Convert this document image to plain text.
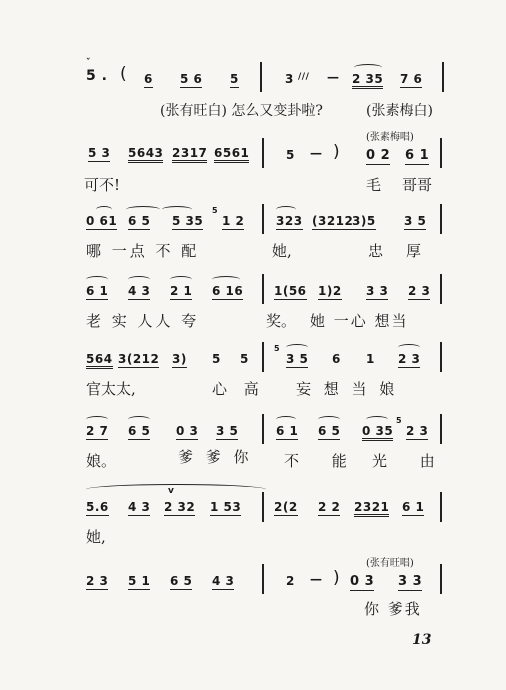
ˇ
5 . ( 6 5 6 5	3 /// — 2 35 7 6
(张有旺白) 怎么又变卦啦?	(张素梅白)
(张素梅唱)
5 3 5643 2317 6561	5 — ) 0 2 6 1
可不!	毛 哥哥
0 61 6 5 5 35
5
1 2	323 (3212
3)5 3 5
哪 一点 不 配	她,	忠 厚
6 1 4 3 2 1 6 16	1(56 1)2 3 3 2 3
老 实 人人 夸	奖。 她 一心 想当
564 3(212 3) 5 5
5
3 5 6 1 2 3
官太太,	心 高 妄 想 当 娘
2 7 6 5 0 3 3 5	6 1 6 5 0 35
5
2 3
娘。	爹 爹 你 不 能 光 由
v
5.6 4 3 2 32 1 53	2(2 2 2 2321 6 1
她,
(张有旺唱)
2 3 5 1 6 5 4 3	2 — ) 0 3 3 3
你 爹我
13
